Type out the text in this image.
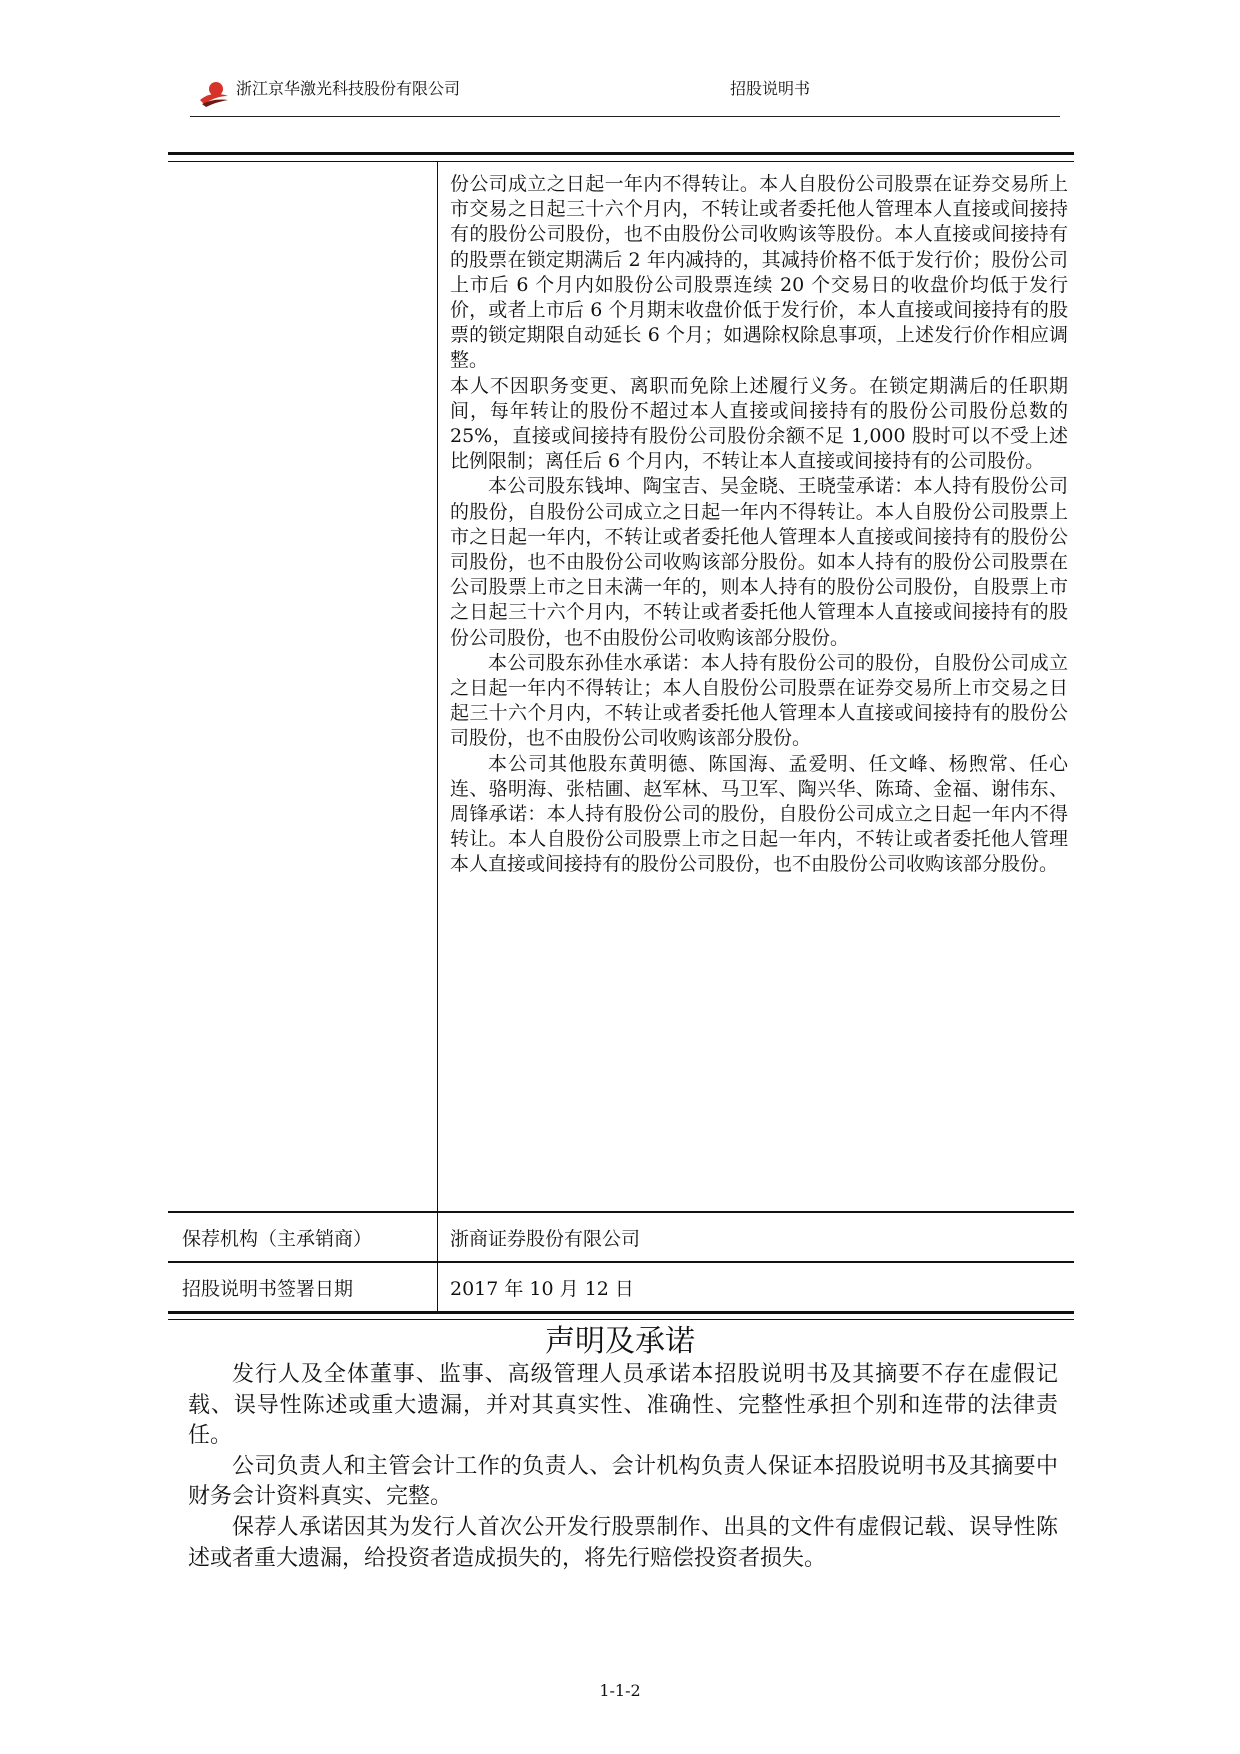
浙江京华激光科技股份有限公司	招股说明书

份公司成立之日起一年内不得转让。本人自股份公司股票在证券交易所上市交易之日起三十六个月内，不转让或者委托他人管理本人直接或间接持有的股份公司股份，也不由股份公司收购该等股份。本人直接或间接持有的股票在锁定期满后 2 年内减持的，其减持价格不低于发行价；股份公司上市后 6 个月内如股份公司股票连续 20 个交易日的收盘价均低于发行价，或者上市后 6 个月期末收盘价低于发行价，本人直接或间接持有的股票的锁定期限自动延长 6 个月；如遇除权除息事项，上述发行价作相应调整。

本人不因职务变更、离职而免除上述履行义务。在锁定期满后的任职期间，每年转让的股份不超过本人直接或间接持有的股份公司股份总数的 25%，直接或间接持有股份公司股份余额不足 1,000 股时可以不受上述比例限制；离任后 6 个月内，不转让本人直接或间接持有的公司股份。

本公司股东钱坤、陶宝吉、吴金晓、王晓莹承诺：本人持有股份公司的股份，自股份公司成立之日起一年内不得转让。本人自股份公司股票上市之日起一年内，不转让或者委托他人管理本人直接或间接持有的股份公司股份，也不由股份公司收购该部分股份。如本人持有的股份公司股票在公司股票上市之日未满一年的，则本人持有的股份公司股份，自股票上市之日起三十六个月内，不转让或者委托他人管理本人直接或间接持有的股份公司股份，也不由股份公司收购该部分股份。

本公司股东孙佳水承诺：本人持有股份公司的股份，自股份公司成立之日起一年内不得转让；本人自股份公司股票在证券交易所上市交易之日起三十六个月内，不转让或者委托他人管理本人直接或间接持有的股份公司股份，也不由股份公司收购该部分股份。

本公司其他股东黄明德、陈国海、孟爱明、任文峰、杨煦常、任心连、骆明海、张桔圃、赵军林、马卫军、陶兴华、陈琦、金福、谢伟东、周锋承诺：本人持有股份公司的股份，自股份公司成立之日起一年内不得转让。本人自股份公司股票上市之日起一年内，不转让或者委托他人管理本人直接或间接持有的股份公司股份，也不由股份公司收购该部分股份。

保荐机构（主承销商）	浙商证券股份有限公司
招股说明书签署日期	2017 年 10 月 12 日
声明及承诺

发行人及全体董事、监事、高级管理人员承诺本招股说明书及其摘要不存在虚假记载、误导性陈述或重大遗漏，并对其真实性、准确性、完整性承担个别和连带的法律责任。

公司负责人和主管会计工作的负责人、会计机构负责人保证本招股说明书及其摘要中财务会计资料真实、完整。

保荐人承诺因其为发行人首次公开发行股票制作、出具的文件有虚假记载、误导性陈述或者重大遗漏，给投资者造成损失的，将先行赔偿投资者损失。

1-1-2
